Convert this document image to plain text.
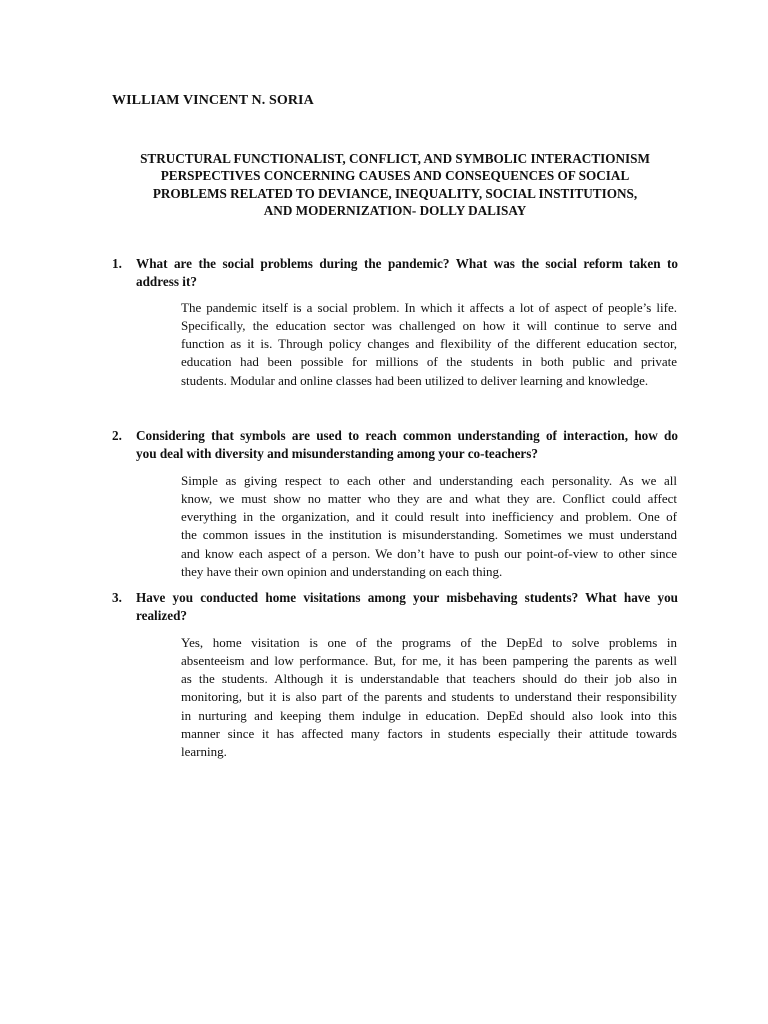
WILLIAM VINCENT N. SORIA
STRUCTURAL FUNCTIONALIST, CONFLICT, AND SYMBOLIC INTERACTIONISM
PERSPECTIVES CONCERNING CAUSES AND CONSEQUENCES OF SOCIAL
PROBLEMS RELATED TO DEVIANCE, INEQUALITY, SOCIAL INSTITUTIONS,
AND MODERNIZATION- DOLLY DALISAY
1.	What are the social problems during the pandemic? What was the social reform taken to
address it?
The pandemic itself is a social problem. In which it affects a lot of aspect of people’s life.
Specifically, the education sector was challenged on how it will continue to serve and
function as it is. Through policy changes and flexibility of the different education sector,
education had been possible for millions of the students in both public and private
students. Modular and online classes had been utilized to deliver learning and knowledge.
2.	Considering that symbols are used to reach common understanding of interaction, how do
you deal with diversity and misunderstanding among your co-teachers?
Simple as giving respect to each other and understanding each personality. As we all
know, we must show no matter who they are and what they are. Conflict could affect
everything in the organization, and it could result into inefficiency and problem. One of
the common issues in the institution is misunderstanding. Sometimes we must understand
and know each aspect of a person. We don’t have to push our point-of-view to other since
they have their own opinion and understanding on each thing.
3.	Have you conducted home visitations among your misbehaving students? What have you
realized?
Yes, home visitation is one of the programs of the DepEd to solve problems in
absenteeism and low performance. But, for me, it has been pampering the parents as well
as the students. Although it is understandable that teachers should do their job also in
monitoring, but it is also part of the parents and students to understand their responsibility
in nurturing and keeping them indulge in education. DepEd should also look into this
manner since it has affected many factors in students especially their attitude towards
learning.
